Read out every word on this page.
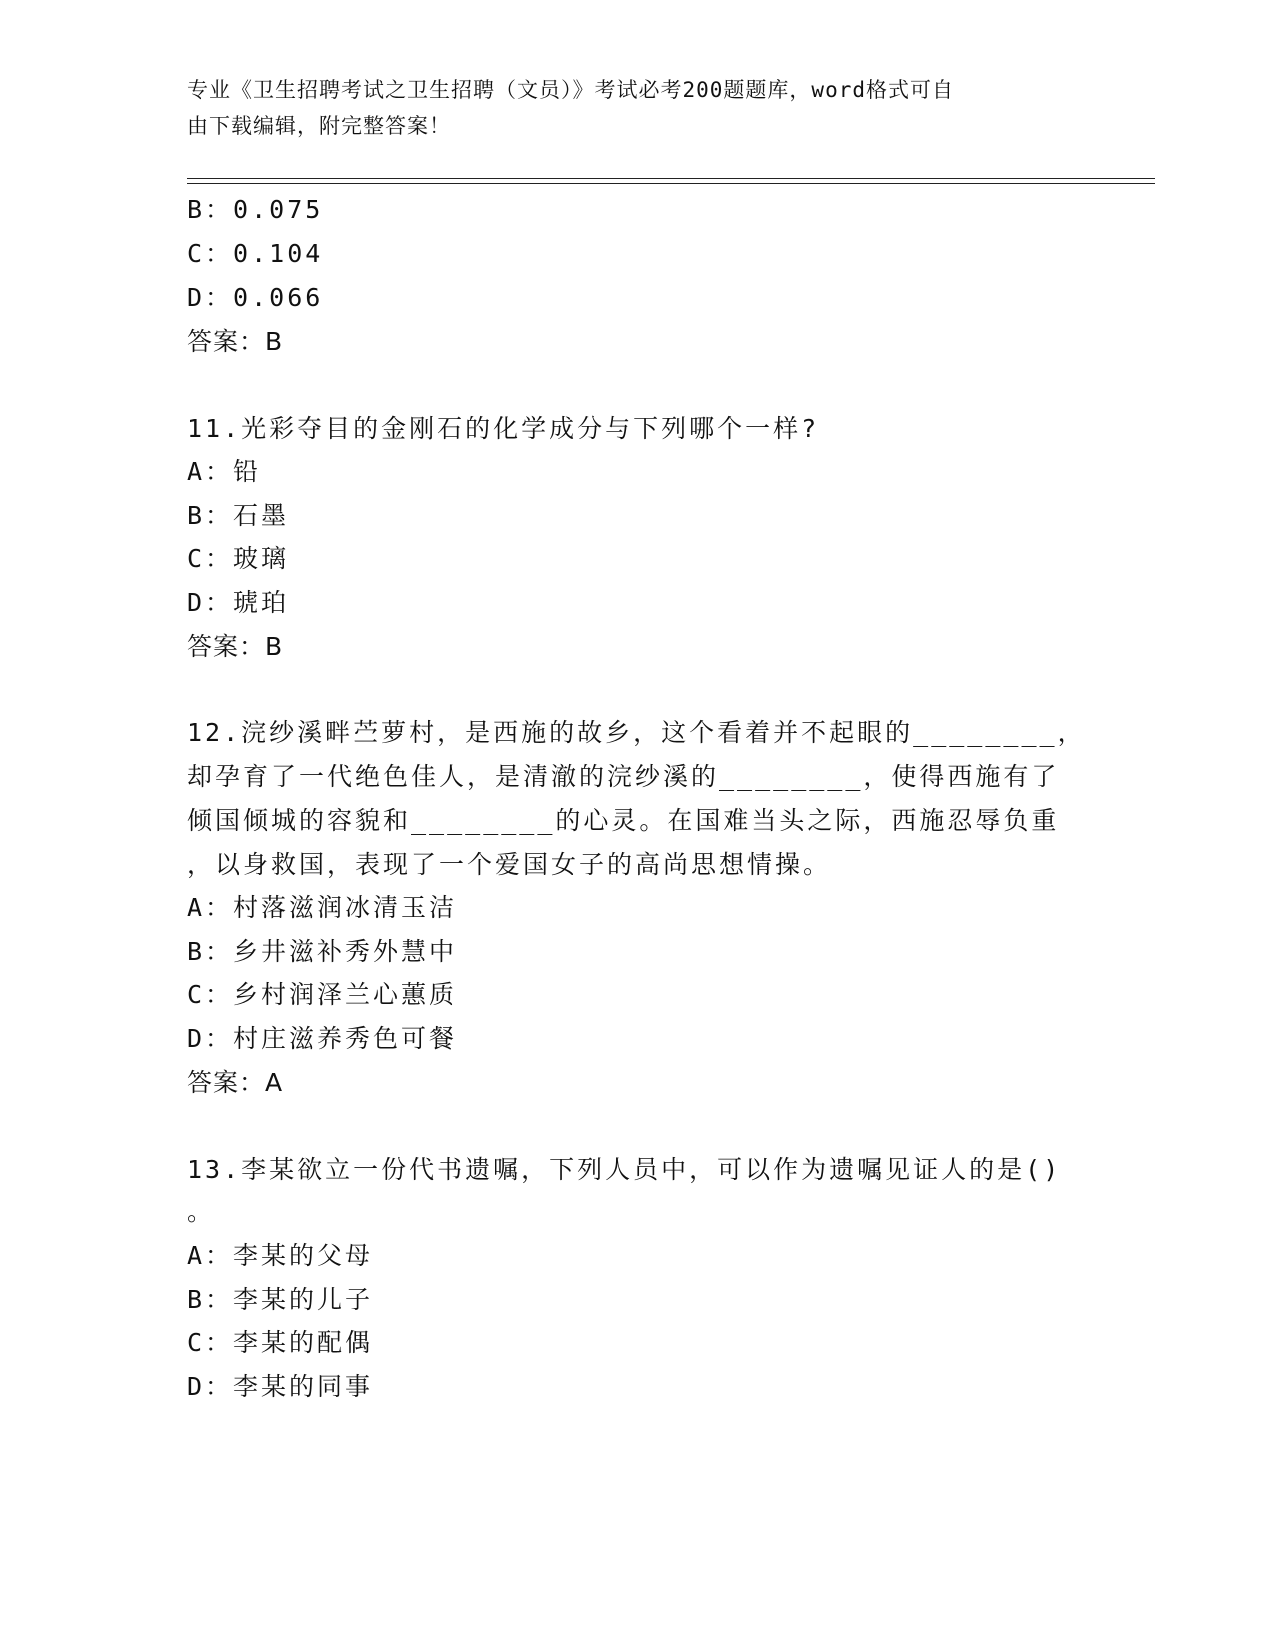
专业《卫生招聘考试之卫生招聘（文员）》考试必考200题题库，word格式可自
由下载编辑，附完整答案！
B：0.075
C：0.104
D：0.066
答案：B
11.光彩夺目的金刚石的化学成分与下列哪个一样?
A：铅
B：石墨
C：玻璃
D：琥珀
答案：B
12.浣纱溪畔苎萝村，是西施的故乡，这个看着并不起眼的________，
却孕育了一代绝色佳人，是清澈的浣纱溪的________，使得西施有了
倾国倾城的容貌和________的心灵。在国难当头之际，西施忍辱负重
，以身救国，表现了一个爱国女子的高尚思想情操。
A：村落滋润冰清玉洁
B：乡井滋补秀外慧中
C：乡村润泽兰心蕙质
D：村庄滋养秀色可餐
答案：A
13.李某欲立一份代书遗嘱，下列人员中，可以作为遗嘱见证人的是()
。
A：李某的父母
B：李某的儿子
C：李某的配偶
D：李某的同事
